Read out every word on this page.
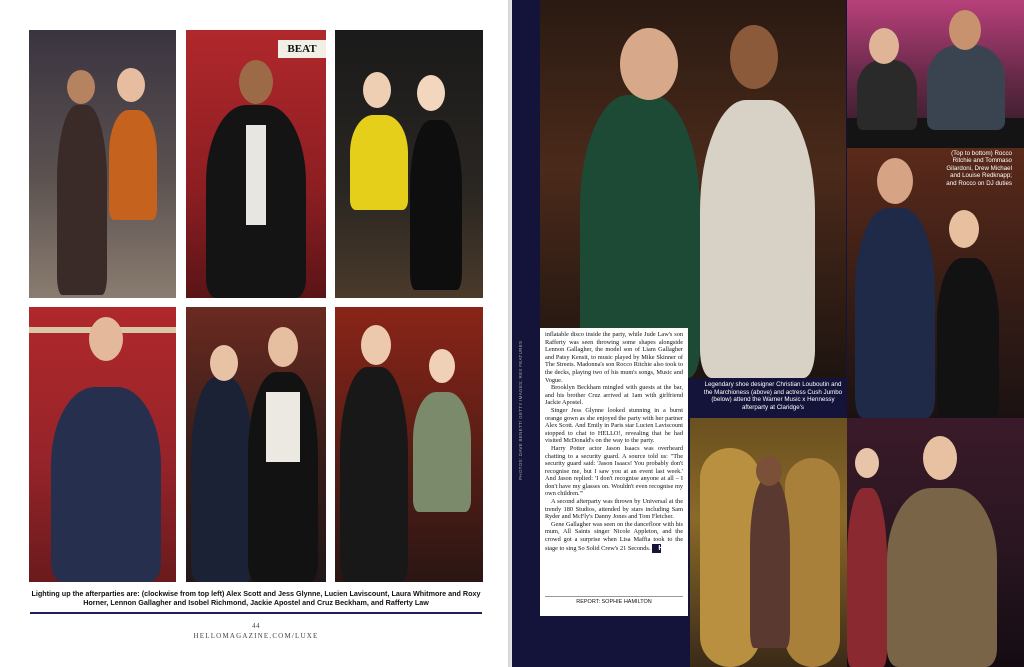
BEAT
Lighting up the afterparties are: (clockwise from top left) Alex Scott and Jess Glynne, Lucien Laviscount, Laura Whitmore and Roxy Horner, Lennon Gallagher and Isobel Richmond, Jackie Apostel and Cruz Beckham, and Rafferty Law
44
HELLOMAGAZINE.COM/LUXE
Legendary shoe designer Christian Louboutin and the Marchioness (above) and actress Cush Jumbo (below) attend the Warner Music x Hennessy afterparty at Claridge's
(Top to bottom) Rocco Ritchie and Tommaso Gilardoni, Drew Michael and Louise Redknapp; and Rocco on DJ duties

inflatable disco inside the party, while Jude Law's son Rafferty was seen throwing some shapes alongside Lennon Gallagher, the model son of Liam Gallagher and Patsy Kensit, to music played by Mike Skinner of The Streets. Madonna's son Rocco Ritchie also took to the decks, playing two of his mum's songs, Music and Vogue.

Brooklyn Beckham mingled with guests at the bar, and his brother Cruz arrived at 1am with girlfriend Jackie Apostel.

Singer Jess Glynne looked stunning in a burnt orange gown as she enjoyed the party with her partner Alex Scott. And Emily in Paris star Lucien Laviscount stopped to chat to HELLO!, revealing that he had visited McDonald's on the way to the party.

Harry Potter actor Jason Isaacs was overheard chatting to a security guard. A source told us: "The security guard said: 'Jason Isaacs! You probably don't recognise me, but I saw you at an event last week.' And Jason replied: 'I don't recognise anyone at all – I don't have my glasses on. Wouldn't even recognise my own children.'"

A second afterparty was thrown by Universal at the trendy 180 Studios, attended by stars including Sam Ryder and McFly's Danny Jones and Tom Fletcher.

Gene Gallagher was seen on the dancefloor with his mum, All Saints singer Nicole Appleton, and the crowd got a surprise when Lisa Maffia took to the stage to sing So Solid Crew's 21 Seconds. H

REPORT: SOPHIE HAMILTON
PHOTOS: DAVE BENETT/ GETTY IMAGES; REX FEATURES
